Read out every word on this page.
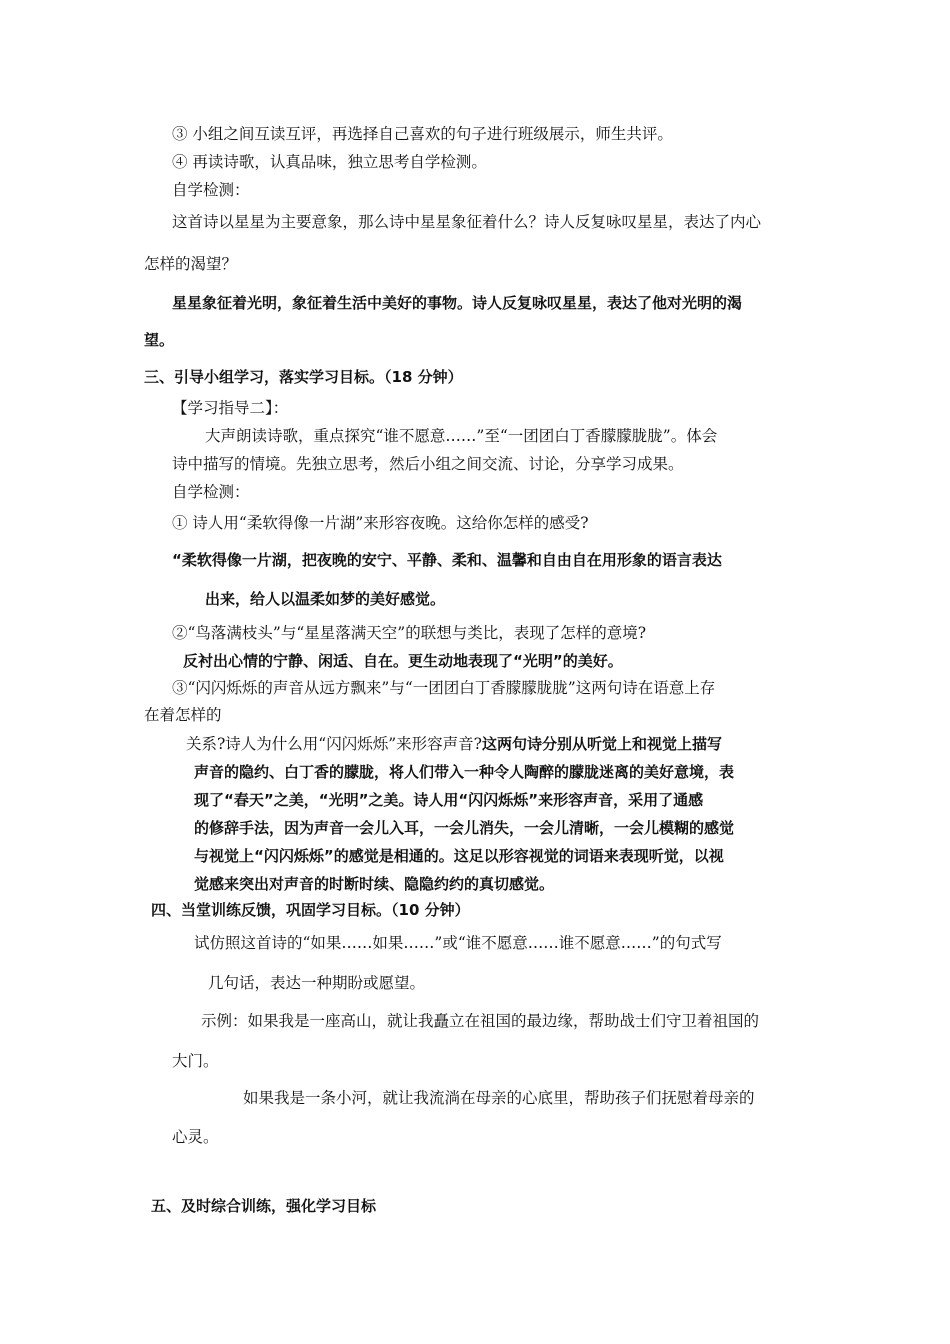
③ 小组之间互读互评，再选择自己喜欢的句子进行班级展示，师生共评。
④ 再读诗歌，认真品味，独立思考自学检测。
自学检测：
这首诗以星星为主要意象，那么诗中星星象征着什么？诗人反复咏叹星星，表达了内心
怎样的渴望？
星星象征着光明，象征着生活中美好的事物。诗人反复咏叹星星，表达了他对光明的渴
望。
三、引导小组学习，落实学习目标。（18 分钟）
【学习指导二】：
大声朗读诗歌，重点探究“谁不愿意……”至“一团团白丁香朦朦胧胧”。体会
诗中描写的情境。先独立思考，然后小组之间交流、讨论，分享学习成果。
自学检测：
① 诗人用“柔软得像一片湖”来形容夜晚。这给你怎样的感受?
“柔软得像一片湖，把夜晚的安宁、平静、柔和、温馨和自由自在用形象的语言表达
出来，给人以温柔如梦的美好感觉。
②“鸟落满枝头”与“星星落满天空”的联想与类比，表现了怎样的意境?
反衬出心情的宁静、闲适、自在。更生动地表现了“光明”的美好。
③“闪闪烁烁的声音从远方飘来”与“一团团白丁香朦朦胧胧”这两句诗在语意上存
在着怎样的
关系?诗人为什么用“闪闪烁烁”来形容声音?这两句诗分别从听觉上和视觉上描写
声音的隐约、白丁香的朦胧，将人们带入一种令人陶醉的朦胧迷离的美好意境，表
现了“春天”之美，“光明”之美。诗人用“闪闪烁烁”来形容声音，采用了通感
的修辞手法，因为声音一会儿入耳，一会儿消失，一会儿清晰，一会儿模糊的感觉
与视觉上“闪闪烁烁”的感觉是相通的。这足以形容视觉的词语来表现听觉，以视
觉感来突出对声音的时断时续、隐隐约约的真切感觉。
四、当堂训练反馈，巩固学习目标。（10 分钟）
试仿照这首诗的“如果……如果……”或“谁不愿意……谁不愿意……”的句式写
几句话，表达一种期盼或愿望。
示例：如果我是一座高山，就让我矗立在祖国的最边缘，帮助战士们守卫着祖国的
大门。
如果我是一条小河，就让我流淌在母亲的心底里，帮助孩子们抚慰着母亲的
心灵。
五、及时综合训练，强化学习目标
